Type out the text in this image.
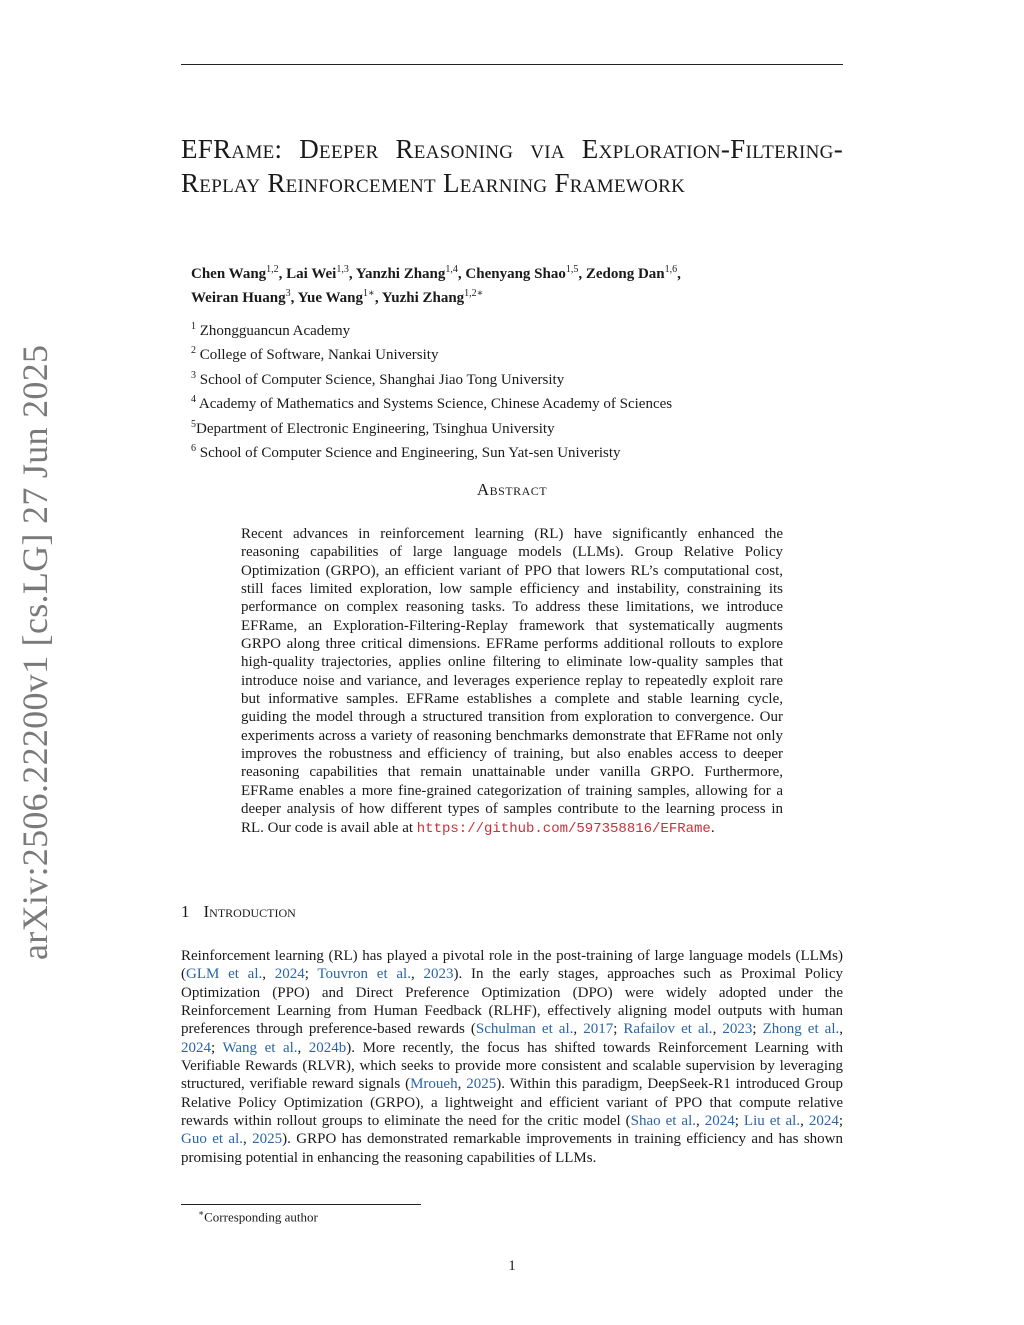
arXiv:2506.22200v1 [cs.LG] 27 Jun 2025
EFRame: Deeper Reasoning via Exploration-Filtering-Replay Reinforcement Learning Framework
Chen Wang$^{1,2}$, Lai Wei$^{1,3}$, Yanzhi Zhang$^{1,4}$, Chenyang Shao$^{1,5}$, Zedong Dan$^{1,6}$,
Weiran Huang$^3$, Yue Wang$^{1∗}$, Yuzhi Zhang$^{1,2∗}$
$^1$ Zhongguancun Academy
$^2$ College of Software, Nankai University
$^3$ School of Computer Science, Shanghai Jiao Tong University
$^4$ Academy of Mathematics and Systems Science, Chinese Academy of Sciences
$^5$Department of Electronic Engineering, Tsinghua University
$^6$ School of Computer Science and Engineering, Sun Yat-sen Univeristy
Abstract
Recent advances in reinforcement learning (RL) have significantly enhanced the reasoning capabilities of large language models (LLMs). Group Relative Policy Optimization (GRPO), an efficient variant of PPO that lowers RL’s computational cost, still faces limited exploration, low sample efficiency and instability, constraining its performance on complex reasoning tasks. To address these limitations, we introduce EFRame, an Exploration-Filtering-Replay framework that systematically augments GRPO along three critical dimensions. EFRame performs additional rollouts to explore high-quality trajectories, applies online filtering to eliminate low-quality samples that introduce noise and variance, and leverages experience replay to repeatedly exploit rare but informative samples. EFRame establishes a complete and stable learning cycle, guiding the model through a structured transition from exploration to convergence. Our experiments across a variety of reasoning benchmarks demonstrate that EFRame not only improves the robustness and efficiency of training, but also enables access to deeper reasoning capabilities that remain unattainable under vanilla GRPO. Furthermore, EFRame enables a more fine-grained categorization of training samples, allowing for a deeper analysis of how different types of samples contribute to the learning process in RL. Our code is avail able at https://github.com/597358816/EFRame.
1 Introduction
Reinforcement learning (RL) has played a pivotal role in the post-training of large language models (LLMs) (GLM et al., 2024; Touvron et al., 2023). In the early stages, approaches such as Proximal Policy Optimization (PPO) and Direct Preference Optimization (DPO) were widely adopted under the Reinforcement Learning from Human Feedback (RLHF), effectively aligning model outputs with human preferences through preference-based rewards (Schulman et al., 2017; Rafailov et al., 2023; Zhong et al., 2024; Wang et al., 2024b). More recently, the focus has shifted towards Reinforcement Learning with Verifiable Rewards (RLVR), which seeks to provide more consistent and scalable supervision by leveraging structured, verifiable reward signals (Mroueh, 2025). Within this paradigm, DeepSeek-R1 introduced Group Relative Policy Optimization (GRPO), a lightweight and efficient variant of PPO that compute relative rewards within rollout groups to eliminate the need for the critic model (Shao et al., 2024; Liu et al., 2024; Guo et al., 2025). GRPO has demonstrated remarkable improvements in training efficiency and has shown promising potential in enhancing the reasoning capabilities of LLMs.
∗Corresponding author
1
